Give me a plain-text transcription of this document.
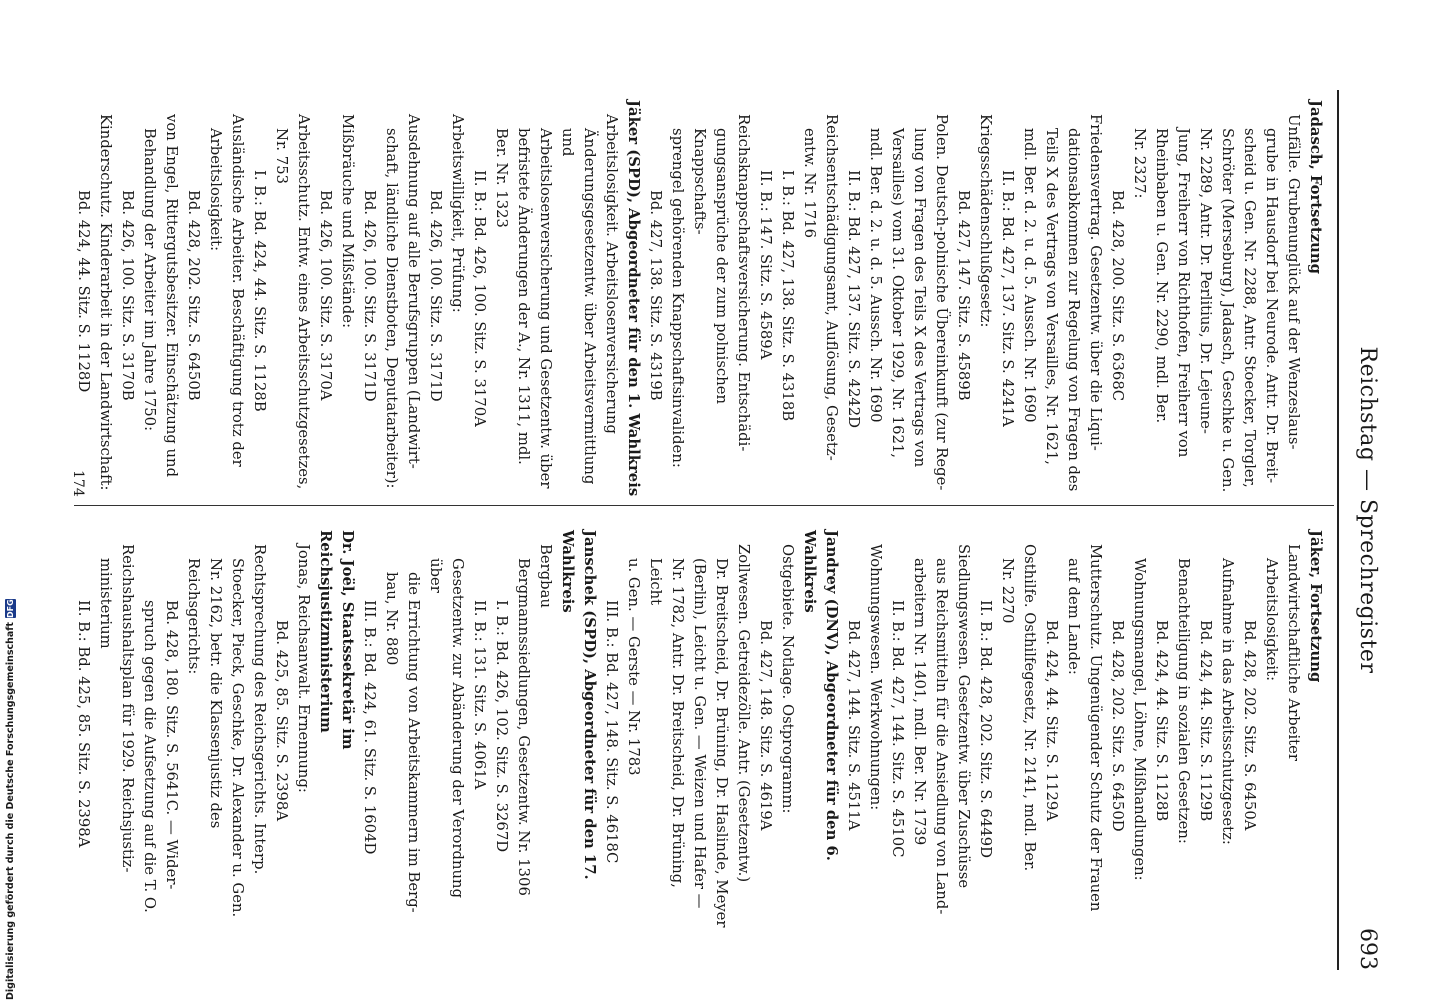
Reichstag — Sprechregister
693

Jadasch, Fortsetzung

Unfälle. Grubenunglück auf der Wenzeslaus-

grube in Hausdorf bei Neurode. Antr. Dr. Breit-

scheid u. Gen. Nr. 2288, Antr. Stoecker, Torgler,

Schröter (Merseburg), Jadasch, Geschke u. Gen.

Nr. 2289, Antr. Dr. Perlitius, Dr. Lejeune-

Jung, Freiherr von Richthofen, Freiherr von

Rheinbaben u. Gen. Nr. 2290, mdl. Ber.

Nr. 2327:

Bd. 428, 200. Sitz. S. 6368C

Friedensvertrag. Gesetzentw. über die Liqui-

dationsabkommen zur Regelung von Fragen des

Teils X des Vertrags von Versailles, Nr. 1621,

mdl. Ber. d. 2. u. d. 5. Aussch. Nr. 1690

II. B.: Bd. 427, 137. Sitz. S. 4241A

Kriegsschädenschlußgesetz:

Bd. 427, 147. Sitz. S. 4589B

Polen. Deutsch-polnische Übereinkunft (zur Rege-

lung von Fragen des Teils X des Vertrags von

Versailles) vom 31. Oktober 1929, Nr. 1621,

mdl. Ber. d. 2. u. d. 5. Aussch. Nr. 1690

II. B.: Bd. 427, 137. Sitz. S. 4242D

Reichsentschädigungsamt, Auflösung, Gesetz-

entw. Nr. 1716

I. B.: Bd. 427, 138. Sitz. S. 4318B

II. B.: 147. Sitz. S. 4589A

Reichsknappschaftsversicherung. Entschädi-

gungsansprüche der zum polnischen Knappschafts-

sprengel gehörenden Knappschaftsinvaliden:

Bd. 427, 138. Sitz. S. 4319B

Jäker (SPD), Abgeordneter für den 1. Wahlkreis

Arbeitslosigkeit. Arbeitslosenversicherung

Änderungsgesetzentw. über Arbeitsvermittlung und

Arbeitslosenversicherung und Gesetzentw. über

befristete Änderungen der A., Nr. 1311, mdl.

Ber. Nr. 1323

II. B.: Bd. 426, 100. Sitz. S. 3170A

Arbeitswilligkeit, Prüfung:

Bd. 426, 100. Sitz. S. 3171D

Ausdehnung auf alle Berufsgruppen (Landwirt-

schaft, ländliche Dienstboten, Deputatarbeiter):

Bd. 426, 100. Sitz. S. 3171D

Mißbräuche und Mißstände:

Bd. 426, 100. Sitz. S. 3170A

Arbeitsschutz. Entw. eines Arbeitsschutzgesetzes,

Nr. 753

I. B.: Bd. 424, 44. Sitz. S. 1128B

Ausländische Arbeiter. Beschäftigung trotz der

Arbeitslosigkeit:

Bd. 428, 202. Sitz. S. 6450B

von Engel, Rittergutsbesitzer. Einschätzung und

Behandlung der Arbeiter im Jahre 1750:

Bd. 426, 100. Sitz. S. 3170B

Kinderschutz. Kinderarbeit in der Landwirtschaft:

Bd. 424, 44. Sitz. S. 1128D

Jäker, Fortsetzung

Landwirtschaftliche Arbeiter

Arbeitslosigkeit:

Bd. 428, 202. Sitz. S. 6450A

Aufnahme in das Arbeitsschutzgesetz:

Bd. 424, 44. Sitz. S. 1129B

Benachteiligung in sozialen Gesetzen:

Bd. 424, 44. Sitz. S. 1128B

Wohnungsmangel, Löhne, Mißhandlungen:

Bd. 428, 202. Sitz. S. 6450D

Mutterschutz. Ungenügender Schutz der Frauen

auf dem Lande:

Bd. 424, 44. Sitz. S. 1129A

Osthilfe. Osthilfegesetz, Nr. 2141, mdl. Ber.

Nr. 2270

II. B.: Bd. 428, 202. Sitz. S. 6449D

Siedlungswesen. Gesetzentw. über Zuschüsse

aus Reichsmitteln für die Ansiedlung von Land-

arbeitern Nr. 1401, mdl. Ber. Nr. 1739

II. B.: Bd. 427, 144. Sitz. S. 4510C

Wohnungswesen. Werkwohnungen:

Bd. 427, 144. Sitz. S. 4511A

Jandrey (DNV), Abgeordneter für den 6. Wahlkreis

Ostgebiete. Notlage. Ostprogramm:

Bd. 427, 148. Sitz. S. 4619A

Zollwesen. Getreidezölle. Antr. (Gesetzentw.)

Dr. Breitscheid, Dr. Brüning, Dr. Haslinde, Meyer

(Berlin), Leicht u. Gen. — Weizen und Hafer —

Nr. 1782, Antr. Dr. Breitscheid, Dr. Brüning, Leicht

u. Gen. — Gerste — Nr. 1783

III. B.: Bd. 427, 148. Sitz. S. 4618C

Janschek (SPD), Abgeordneter für den 17. Wahlkreis

Bergbau

Bergmannssiedlungen, Gesetzentw. Nr. 1306

I. B.: Bd. 426, 102. Sitz. S. 3267D

II. B.: 131. Sitz. S. 4061A

Gesetzentw. zur Abänderung der Verordnung über

die Errichtung von Arbeitskammern im Berg-

bau, Nr. 880

III. B.: Bd. 424, 61. Sitz. S. 1604D

Dr. Joël, Staatssekretär im Reichsjustizministerium

Jonas, Reichsanwalt. Ernennung:

Bd. 425, 85. Sitz. S. 2398A

Rechtsprechung des Reichsgerichts. Interp.

Stoecker, Pieck, Geschke, Dr. Alexander u. Gen.

Nr. 2162, betr. die Klassenjustiz des Reichsgerichts:

Bd. 428, 180. Sitz. S. 5641C. — Wider-

spruch gegen die Aufsetzung auf die T. O.

Reichshaushaltsplan für 1929. Reichsjustiz-

ministerium

II. B.: Bd. 425, 85. Sitz. S. 2398A

174
Digitalisierung gefördert durch die Deutsche Forschungsgemeinschaft
DFG
